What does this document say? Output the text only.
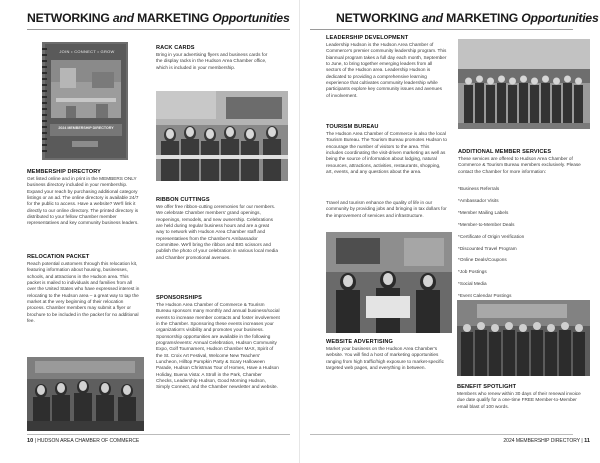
NETWORKING and MARKETING Opportunities
JOIN • CONNECT • GROW
2024 MEMBERSHIP DIRECTORY
MEMBERSHIP DIRECTORY
Get listed online and in print in the MEMBERS ONLY business directory included in your membership. Expand your reach by purchasing additional category listings or an ad. The online directory is available 24/7 for the public to access. Have a website? We'll link it directly to our online directory. The printed directory is distributed to your fellow Chamber member representatives and key community business leaders.
RELOCATION PACKET
Reach potential customers through this relocation kit, featuring information about housing, businesses, schools, and attractions in the Hudson area. This packet is mailed to individuals and families from all over the United States who have expressed interest in relocating to the Hudson area – a great way to tap the market at the very beginning of their relocation process. Chamber members may submit a flyer or brochure to be included in the packet for no additional fee.
RACK CARDS
Bring in your advertising flyers and business cards for the display racks in the Hudson Area Chamber office, which is included in your membership.
RIBBON CUTTINGS
We offer free ribbon-cutting ceremonies for our members. We celebrate Chamber members' grand openings, reopenings, remodels, and new ownership. Celebrations are held during regular business hours and are a great way to network with Hudson Area Chamber staff and representatives from the Chamber's Ambassador Committee. We'll bring the ribbon and BIG scissors and publish the photo of your celebration in various local media and Chamber promotional avenues.
SPONSORSHIPS
The Hudson Area Chamber of Commerce & Tourism Bureau sponsors many monthly and annual business/social events to increase member contacts and foster involvement in the Chamber. Sponsoring these events increases your organization's visibility and promotes your business. Sponsorship opportunities are available in the following programs/events: Annual Celebration, Hudson Community Expo, Golf Tournament, Hudson Chamber MAX, Spirit of the St. Croix Art Festival, Welcome New Teachers' Luncheon, Hilltop Pumpkin Party & Scary Halloween Parade, Hudson Christmas Tour of Homes, Have a Hudson Holiday, Buena Vista: A Stroll in the Park, Chamber Checks, Leadership Hudson, Good Morning Hudson, Simply Connect, and the Chamber newsletter and website.
10 | HUDSON AREA CHAMBER OF COMMERCE
NETWORKING and MARKETING Opportunities
LEADERSHIP DEVELOPMENT
Leadership Hudson is the Hudson Area Chamber of Commerce's premier community leadership program. This biannual program takes a full day each month, September to June, to bring together emerging leaders from all sectors of the Hudson area. Leadership Hudson is dedicated to providing a comprehensive learning experience that cultivates community leadership while participants explore key community issues and avenues of involvement.
TOURISM BUREAU
The Hudson Area Chamber of Commerce is also the local Tourism Bureau. The Tourism Bureau promotes Hudson to encourage the number of visitors to the area. This includes coordinating the visit-driven marketing as well as being the source of information about lodging, natural resources, attractions, activities, restaurants, shopping, art, events, and any questions about the area.
Travel and tourism enhance the quality of life in our community by providing jobs and bringing in tax dollars for the improvement of services and infrastructure.
WEBSITE ADVERTISING
Market your business on the Hudson Area Chamber's website. You will find a host of marketing opportunities ranging from high traffic/high exposure to market-specific targeted web pages, and everything in between.
ADDITIONAL MEMBER SERVICES
These services are offered to Hudson Area Chamber of Commerce & Tourism Bureau members exclusively. Please contact the Chamber for more information:
*Business Referrals
*Ambassador Visits
*Member Mailing Labels
*Member-to-Member Deals
*Certificate of Origin Verification
*Discounted Travel Program
*Online Deals/Coupons
*Job Postings
*Social Media
*Event Calendar Postings
BENEFIT SPOTLIGHT
Members who renew within 30 days of their renewal invoice due date qualify for a one-time FREE Member-to-Member email blast of 100 words.
2024 MEMBERSHIP DIRECTORY | 11
